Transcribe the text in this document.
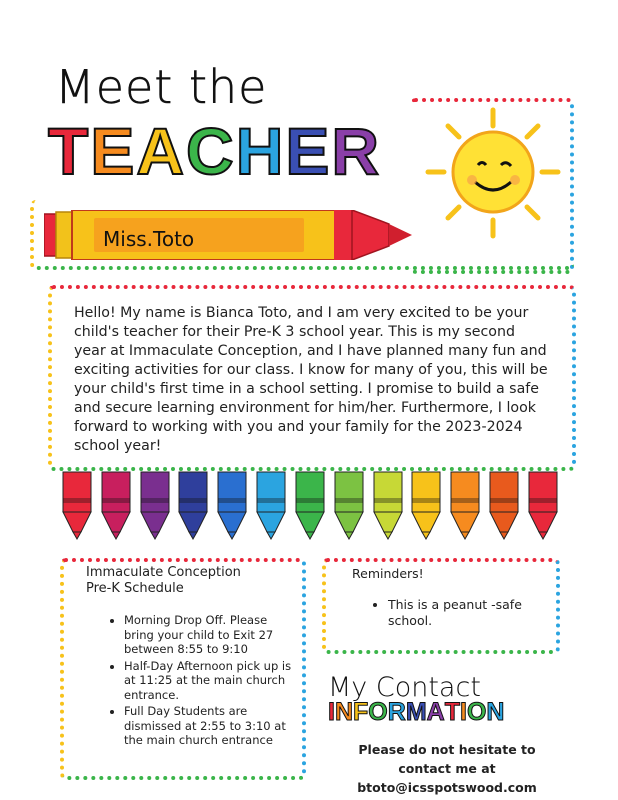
Meet the
T E A C H E R
Miss.Toto
Hello! My name is Bianca Toto, and I am very excited to be your child's teacher for their Pre-K 3 school year. This is my second year at Immaculate Conception, and I have planned many fun and exciting activities for our class. I know for many of you, this will be your child's first time in a school setting. I promise to build a safe and secure learning environment for him/her. Furthermore, I look forward to working with you and your family for the 2023-2024 school year!
Immaculate Conception
Pre-K Schedule
• Morning Drop Off. Please bring your child to Exit 27 between 8:55 to 9:10
• Half-Day Afternoon pick up is at 11:25 at the main church entrance.
• Full Day Students are dismissed at 2:55 to 3:10 at the main church entrance
Reminders!
• This is a peanut -safe school.
My Contact
I N F O R M A T I O N
Please do not hesitate to
contact me at
btoto@icsspotswood.com
